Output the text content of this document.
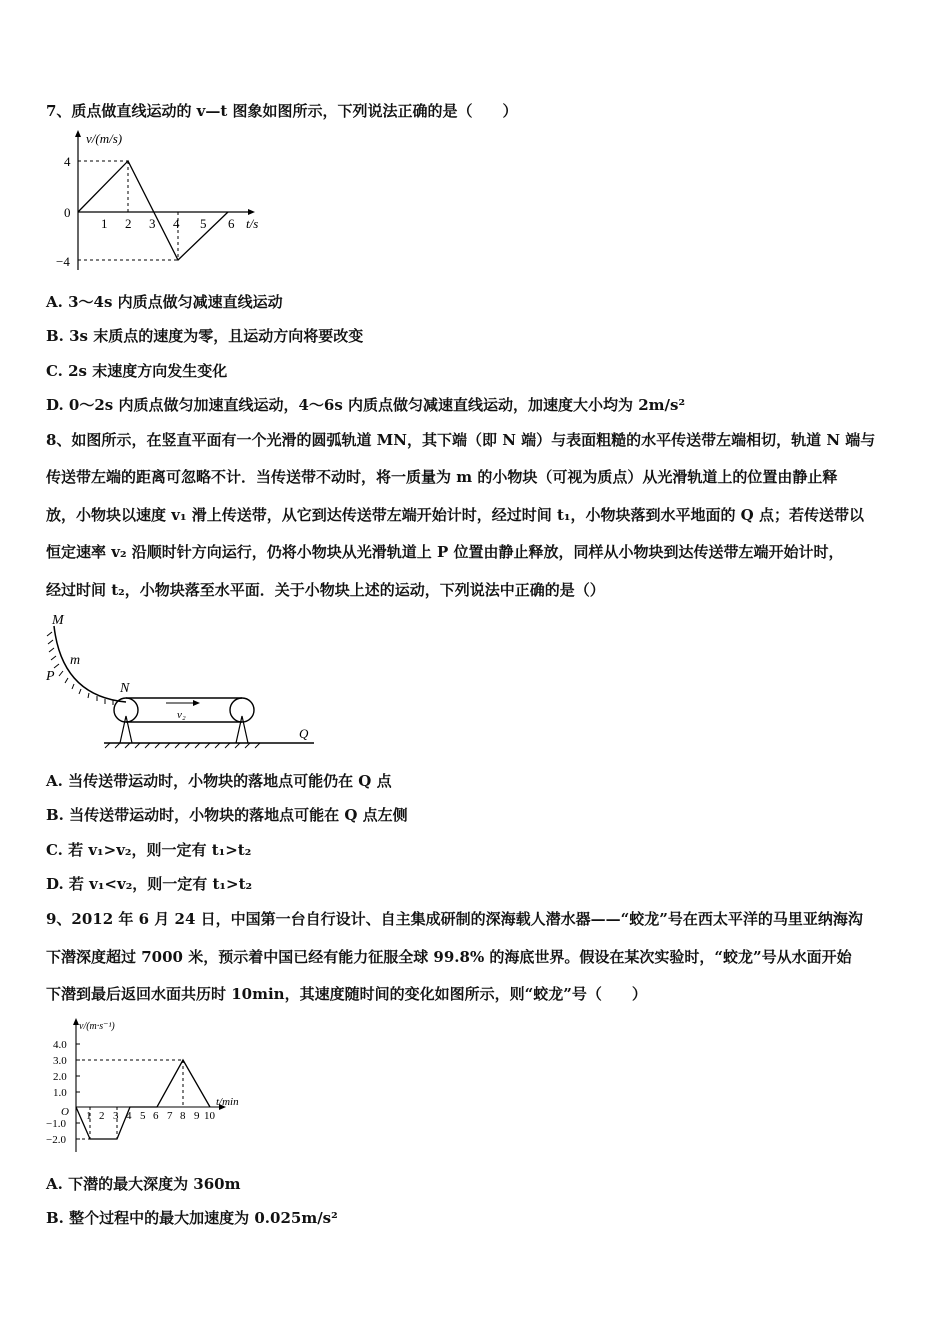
7、质点做直线运动的 v—t 图象如图所示，下列说法正确的是（　　）
v/(m/s)
t/s
4
0
−4
1 2 3 4 5 6
A. 3～4s 内质点做匀减速直线运动
B. 3s 末质点的速度为零，且运动方向将要改变
C. 2s 末速度方向发生变化
D. 0～2s 内质点做匀加速直线运动，4～6s 内质点做匀减速直线运动，加速度大小均为 2m/s²
8、如图所示，在竖直平面有一个光滑的圆弧轨道 MN，其下端（即 N 端）与表面粗糙的水平传送带左端相切，轨道 N 端与
传送带左端的距离可忽略不计．当传送带不动时，将一质量为 m 的小物块（可视为质点）从光滑轨道上的位置由静止释
放，小物块以速度 v₁ 滑上传送带，从它到达传送带左端开始计时，经过时间 t₁，小物块落到水平地面的 Q 点；若传送带以
恒定速率 v₂ 沿顺时针方向运行，仍将小物块从光滑轨道上 P 位置由静止释放，同样从小物块到达传送带左端开始计时，
经过时间 t₂，小物块落至水平面．关于小物块上述的运动，下列说法中正确的是（）
M
m
P
N
v₂
Q
A. 当传送带运动时，小物块的落地点可能仍在 Q 点
B. 当传送带运动时，小物块的落地点可能在 Q 点左侧
C. 若 v₁>v₂，则一定有 t₁>t₂
D. 若 v₁<v₂，则一定有 t₁>t₂
9、2012 年 6 月 24 日，中国第一台自行设计、自主集成研制的深海载人潜水器——“蛟龙”号在西太平洋的马里亚纳海沟
下潜深度超过 7000 米，预示着中国已经有能力征服全球 99.8% 的海底世界。假设在某次实验时，“蛟龙”号从水面开始
下潜到最后返回水面共历时 10min，其速度随时间的变化如图所示，则“蛟龙”号（　　）
v/(m·s⁻¹)
t/min
4.0
3.0
2.0
1.0
O
−1.0
−2.0
1 2 3 4 5 6 7 8 9 10
A. 下潜的最大深度为 360m
B. 整个过程中的最大加速度为 0.025m/s²
